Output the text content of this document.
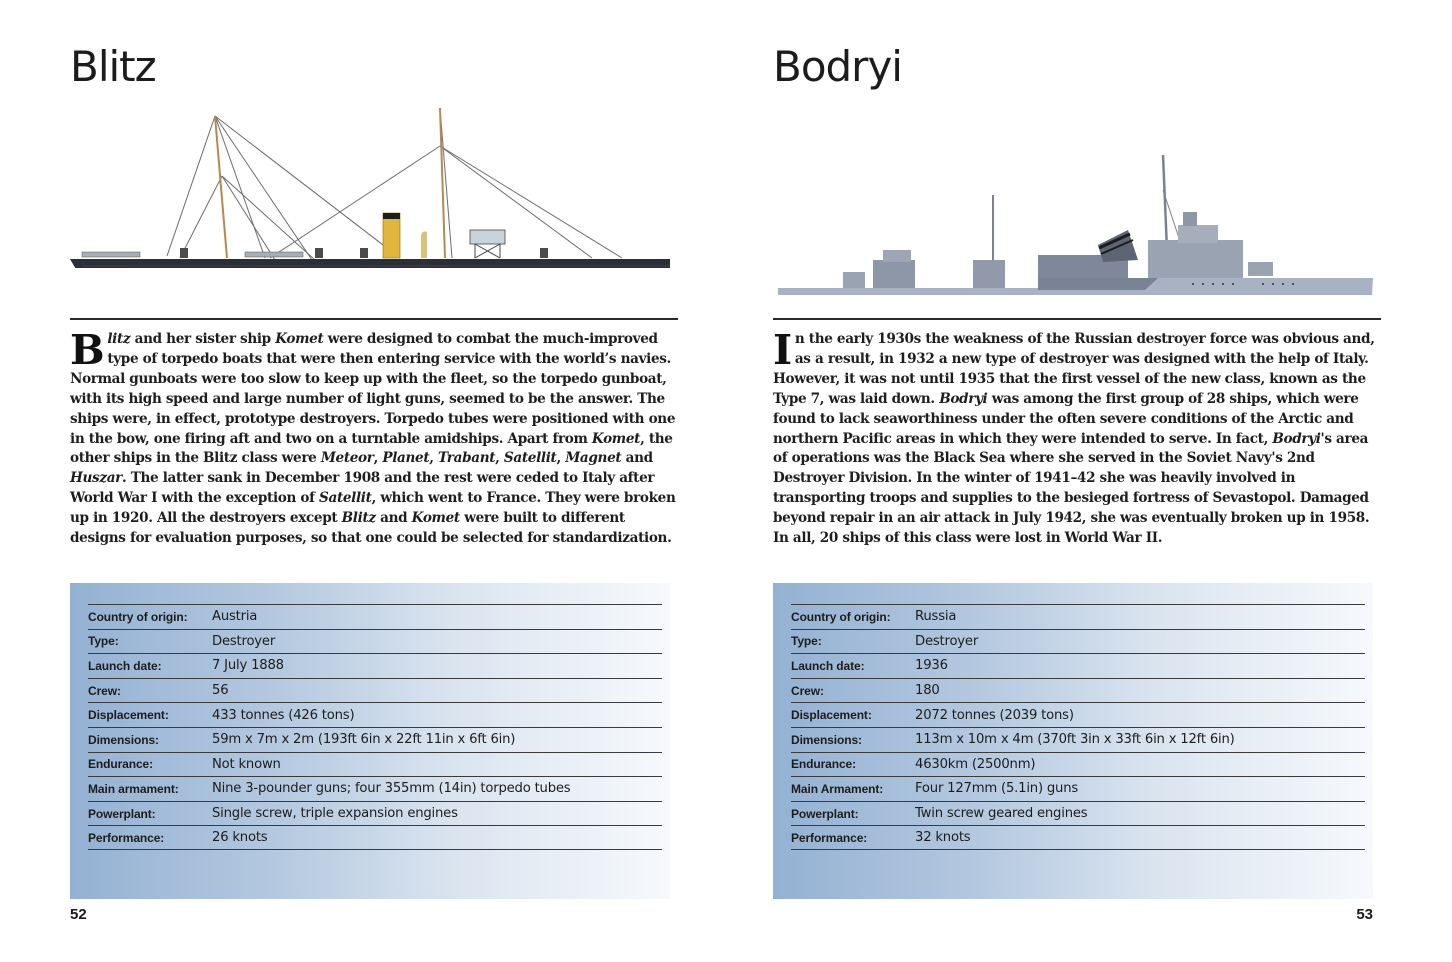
Blitz
B litz and her sister ship Komet were designed to combat the much-improved type of torpedo boats that were then entering service with the world’s navies. Normal gunboats were too slow to keep up with the fleet, so the torpedo gunboat, with its high speed and large number of light guns, seemed to be the answer. The ships were, in effect, prototype destroyers. Torpedo tubes were positioned with one in the bow, one firing aft and two on a turntable amidships. Apart from Komet, the other ships in the Blitz class were Meteor, Planet, Trabant, Satellit, Magnet and Huszar. The latter sank in December 1908 and the rest were ceded to Italy after World War I with the exception of Satellit, which went to France. They were broken up in 1920. All the destroyers except Blitz and Komet were built to different designs for evaluation purposes, so that one could be selected for standardization.
Country of origin:	Austria
Type:	Destroyer
Launch date:	7 July 1888
Crew:	56
Displacement:	433 tonnes (426 tons)
Dimensions:	59m x 7m x 2m (193ft 6in x 22ft 11in x 6ft 6in)
Endurance:	Not known
Main armament:	Nine 3-pounder guns; four 355mm (14in) torpedo tubes
Powerplant:	Single screw, triple expansion engines
Performance:	26 knots
52
Bodryi
I n the early 1930s the weakness of the Russian destroyer force was obvious and, as a result, in 1932 a new type of destroyer was designed with the help of Italy. However, it was not until 1935 that the first vessel of the new class, known as the Type 7, was laid down. Bodryi was among the first group of 28 ships, which were found to lack seaworthiness under the often severe conditions of the Arctic and northern Pacific areas in which they were intended to serve. In fact, Bodryi's area of operations was the Black Sea where she served in the Soviet Navy's 2nd Destroyer Division. In the winter of 1941–42 she was heavily involved in transporting troops and supplies to the besieged fortress of Sevastopol. Damaged beyond repair in an air attack in July 1942, she was eventually broken up in 1958. In all, 20 ships of this class were lost in World War II.
Country of origin:	Russia
Type:	Destroyer
Launch date:	1936
Crew:	180
Displacement:	2072 tonnes (2039 tons)
Dimensions:	113m x 10m x 4m (370ft 3in x 33ft 6in x 12ft 6in)
Endurance:	4630km (2500nm)
Main Armament:	Four 127mm (5.1in) guns
Powerplant:	Twin screw geared engines
Performance:	32 knots
53
